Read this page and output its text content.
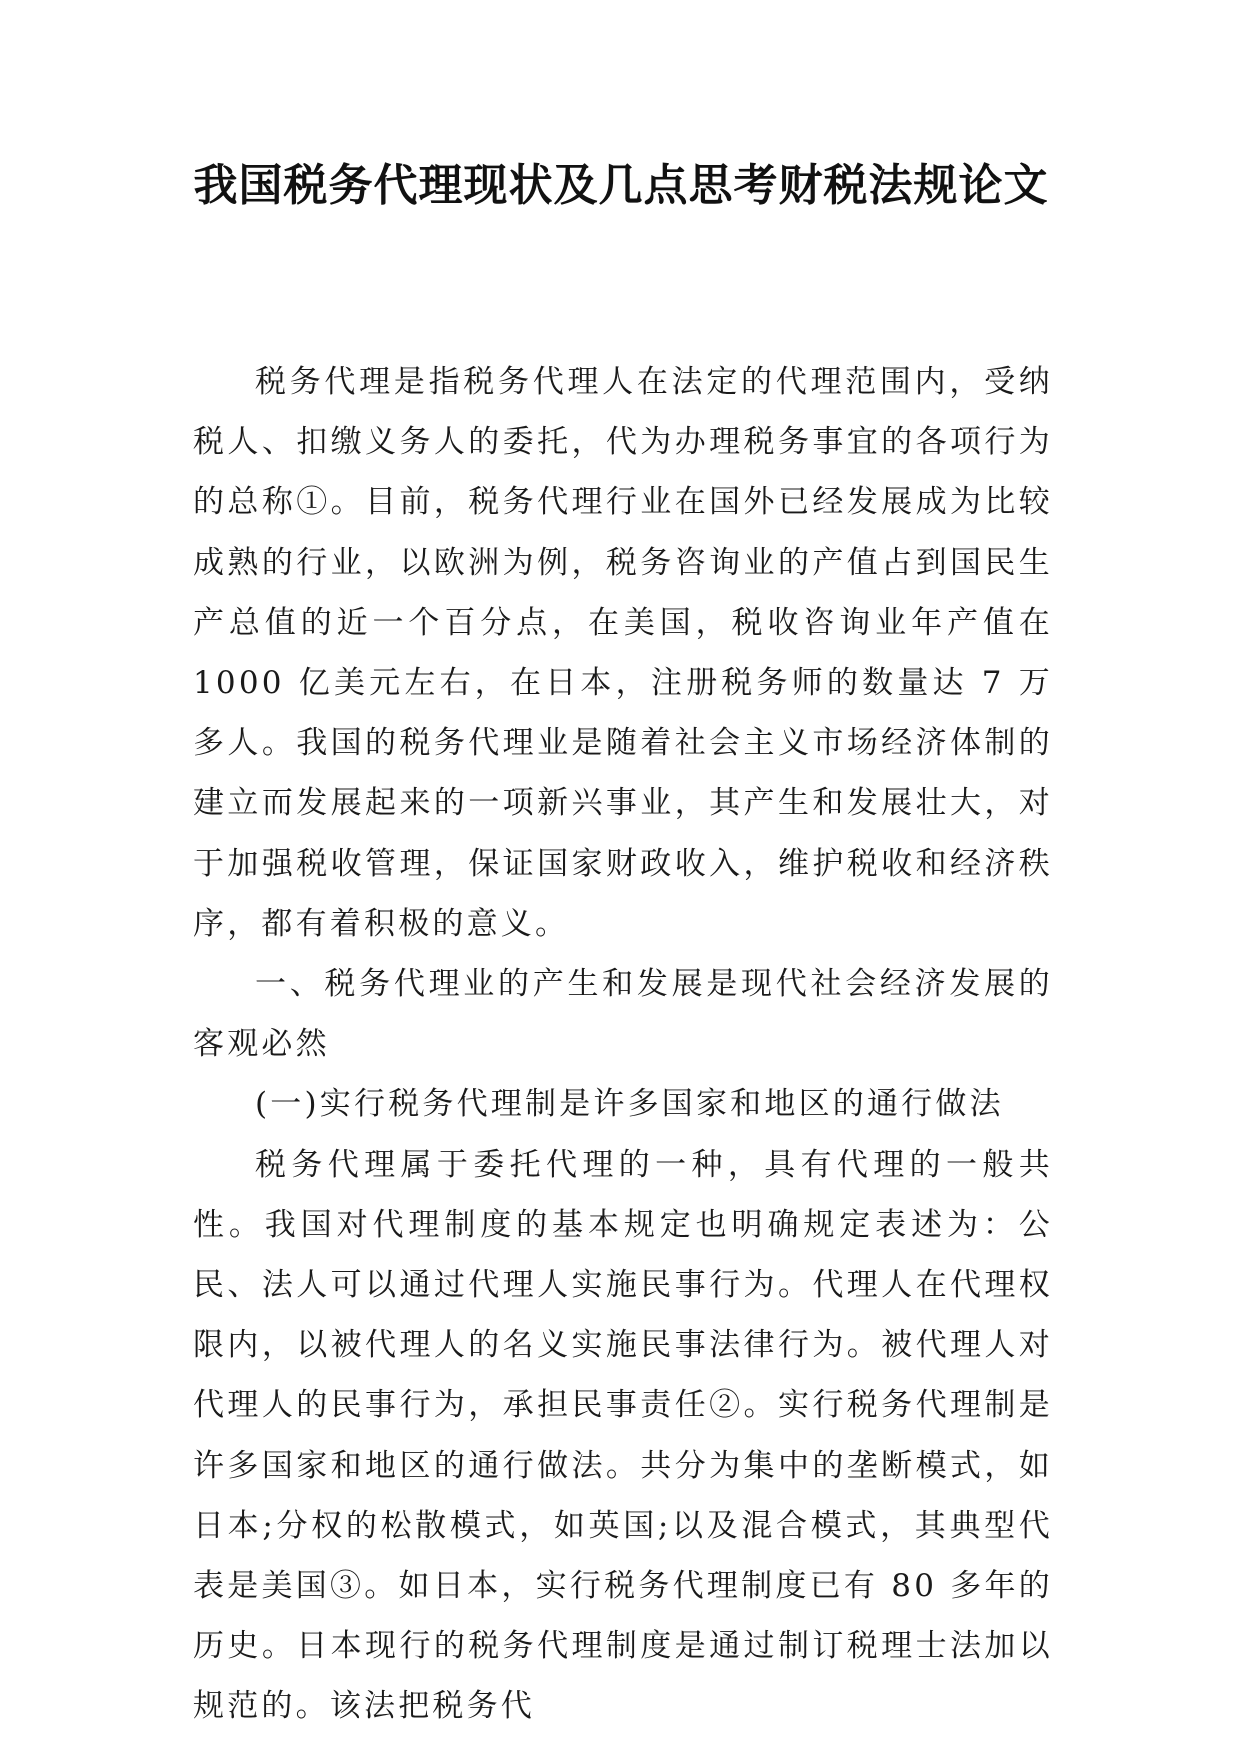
我国税务代理现状及几点思考财税法规论文

税务代理是指税务代理人在法定的代理范围内，受纳税人、扣缴义务人的委托，代为办理税务事宜的各项行为的总称①。目前，税务代理行业在国外已经发展成为比较成熟的行业，以欧洲为例，税务咨询业的产值占到国民生产总值的近一个百分点，在美国，税收咨询业年产值在 1000 亿美元左右，在日本，注册税务师的数量达 7 万多人。我国的税务代理业是随着社会主义市场经济体制的建立而发展起来的一项新兴事业，其产生和发展壮大，对于加强税收管理，保证国家财政收入，维护税收和经济秩序，都有着积极的意义。

一、税务代理业的产生和发展是现代社会经济发展的客观必然

(一)实行税务代理制是许多国家和地区的通行做法

税务代理属于委托代理的一种，具有代理的一般共性。我国对代理制度的基本规定也明确规定表述为：公民、法人可以通过代理人实施民事行为。代理人在代理权限内，以被代理人的名义实施民事法律行为。被代理人对代理人的民事行为，承担民事责任②。实行税务代理制是许多国家和地区的通行做法。共分为集中的垄断模式，如日本;分权的松散模式，如英国;以及混合模式，其典型代表是美国③。如日本，实行税务代理制度已有 80 多年的历史。日本现行的税务代理制度是通过制订税理士法加以规范的。该法把税务代
